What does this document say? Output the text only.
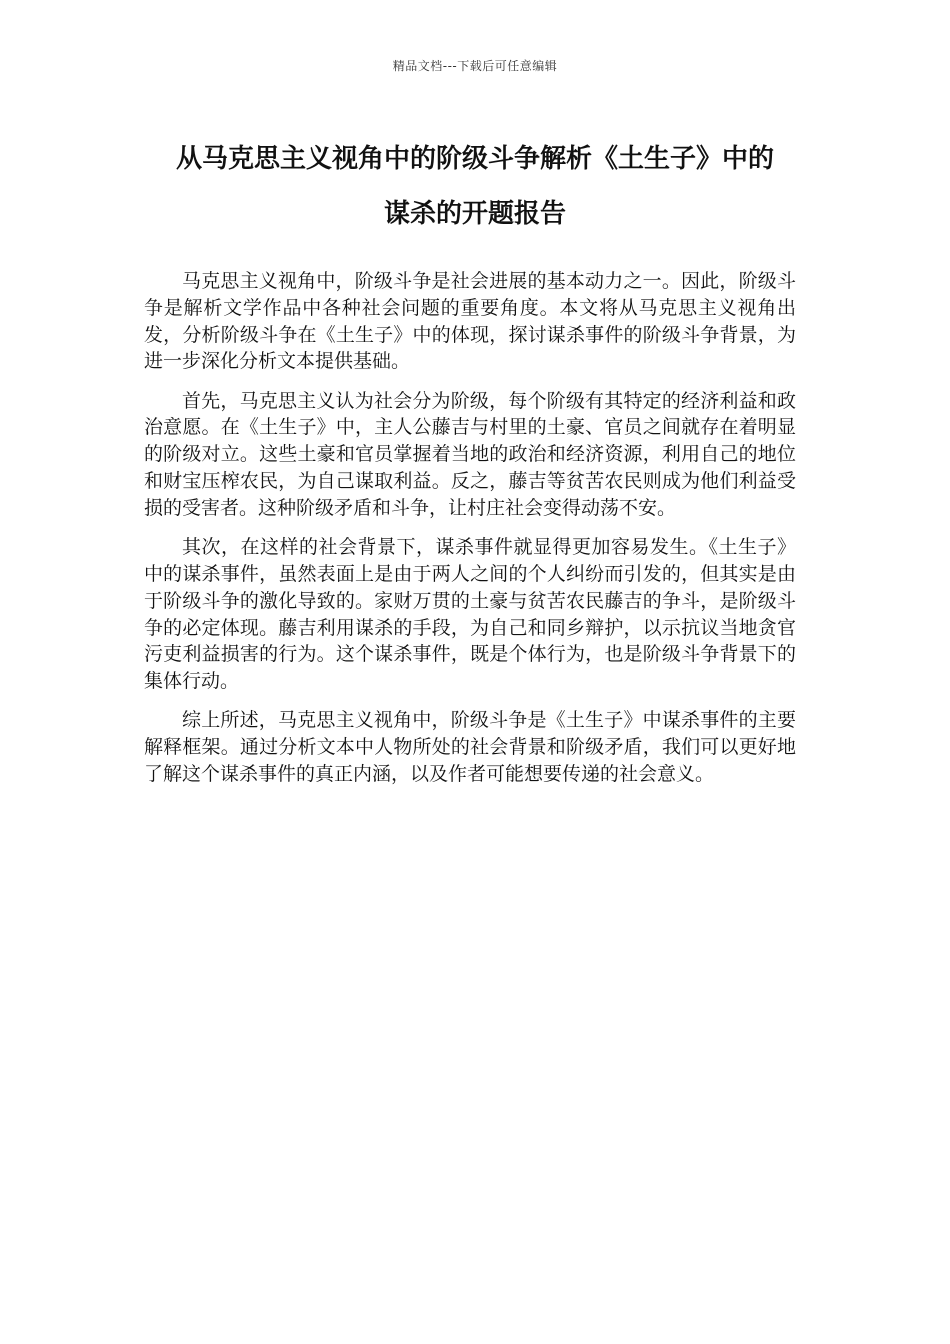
精品文档---下载后可任意编辑
从马克思主义视角中的阶级斗争解析《土生子》中的
谋杀的开题报告

马克思主义视角中，阶级斗争是社会进展的基本动力之一。因此，阶级斗争是解析文学作品中各种社会问题的重要角度。本文将从马克思主义视角出发，分析阶级斗争在《土生子》中的体现，探讨谋杀事件的阶级斗争背景，为进一步深化分析文本提供基础。

首先，马克思主义认为社会分为阶级，每个阶级有其特定的经济利益和政治意愿。在《土生子》中，主人公藤吉与村里的土豪、官员之间就存在着明显的阶级对立。这些土豪和官员掌握着当地的政治和经济资源，利用自己的地位和财宝压榨农民，为自己谋取利益。反之，藤吉等贫苦农民则成为他们利益受损的受害者。这种阶级矛盾和斗争，让村庄社会变得动荡不安。

其次，在这样的社会背景下，谋杀事件就显得更加容易发生。《土生子》中的谋杀事件，虽然表面上是由于两人之间的个人纠纷而引发的，但其实是由于阶级斗争的激化导致的。家财万贯的土豪与贫苦农民藤吉的争斗，是阶级斗争的必定体现。藤吉利用谋杀的手段，为自己和同乡辩护，以示抗议当地贪官污吏利益损害的行为。这个谋杀事件，既是个体行为，也是阶级斗争背景下的集体行动。

综上所述，马克思主义视角中，阶级斗争是《土生子》中谋杀事件的主要解释框架。通过分析文本中人物所处的社会背景和阶级矛盾，我们可以更好地了解这个谋杀事件的真正内涵，以及作者可能想要传递的社会意义。
